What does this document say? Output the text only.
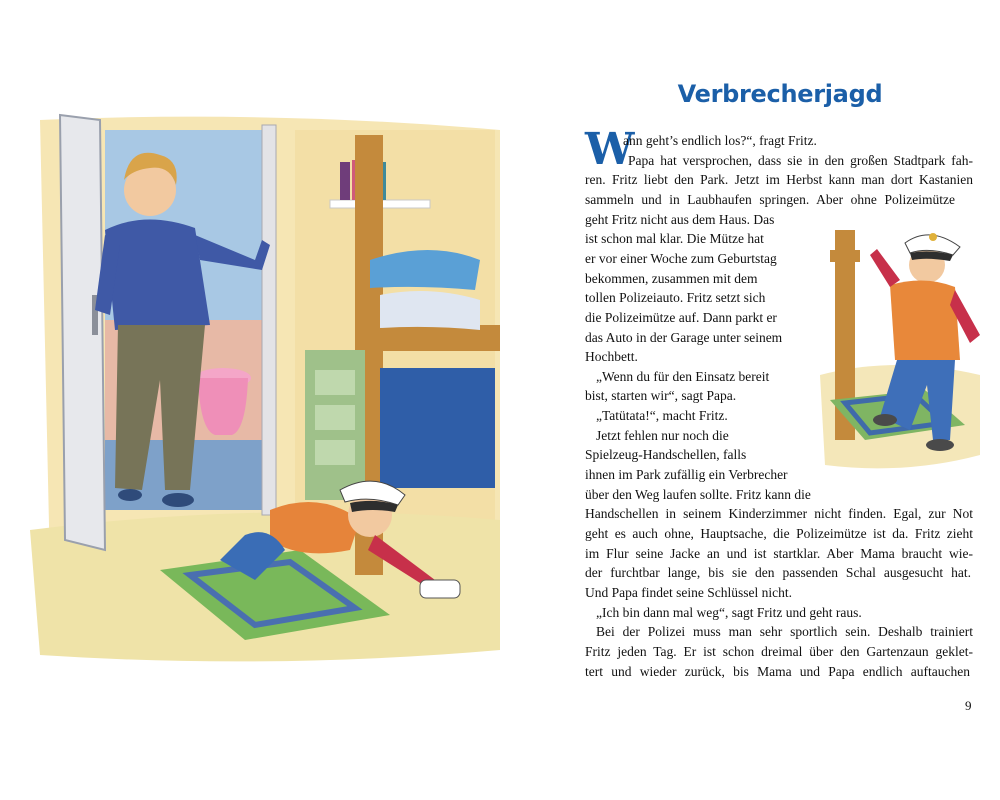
Verbrecherjagd
W
ann geht’s endlich los?“, fragt Fritz.
Papa hat versprochen, dass sie in den großen Stadtpark fah-
ren. Fritz liebt den Park. Jetzt im Herbst kann man dort Kastanien
sammeln und in Laubhaufen springen. Aber ohne Polizeimütze
geht Fritz nicht aus dem Haus. Das
ist schon mal klar. Die Mütze hat
er vor einer Woche zum Geburtstag
bekommen, zusammen mit dem
tollen Polizeiauto. Fritz setzt sich
die Polizeimütze auf. Dann parkt er
das Auto in der Garage unter seinem
Hochbett.
„Wenn du für den Einsatz bereit
bist, starten wir“, sagt Papa.
„Tatütata!“, macht Fritz.
Jetzt fehlen nur noch die
Spielzeug-Handschellen, falls
ihnen im Park zufällig ein Verbrecher
über den Weg laufen sollte. Fritz kann die
Handschellen in seinem Kinderzimmer nicht finden. Egal, zur Not
geht es auch ohne, Hauptsache, die Polizeimütze ist da. Fritz zieht
im Flur seine Jacke an und ist startklar. Aber Mama braucht wie-
der furchtbar lange, bis sie den passenden Schal ausgesucht hat.
Und Papa findet seine Schlüssel nicht.
„Ich bin dann mal weg“, sagt Fritz und geht raus.
Bei der Polizei muss man sehr sportlich sein. Deshalb trainiert
Fritz jeden Tag. Er ist schon dreimal über den Gartenzaun geklet-
tert und wieder zurück, bis Mama und Papa endlich auftauchen
9
